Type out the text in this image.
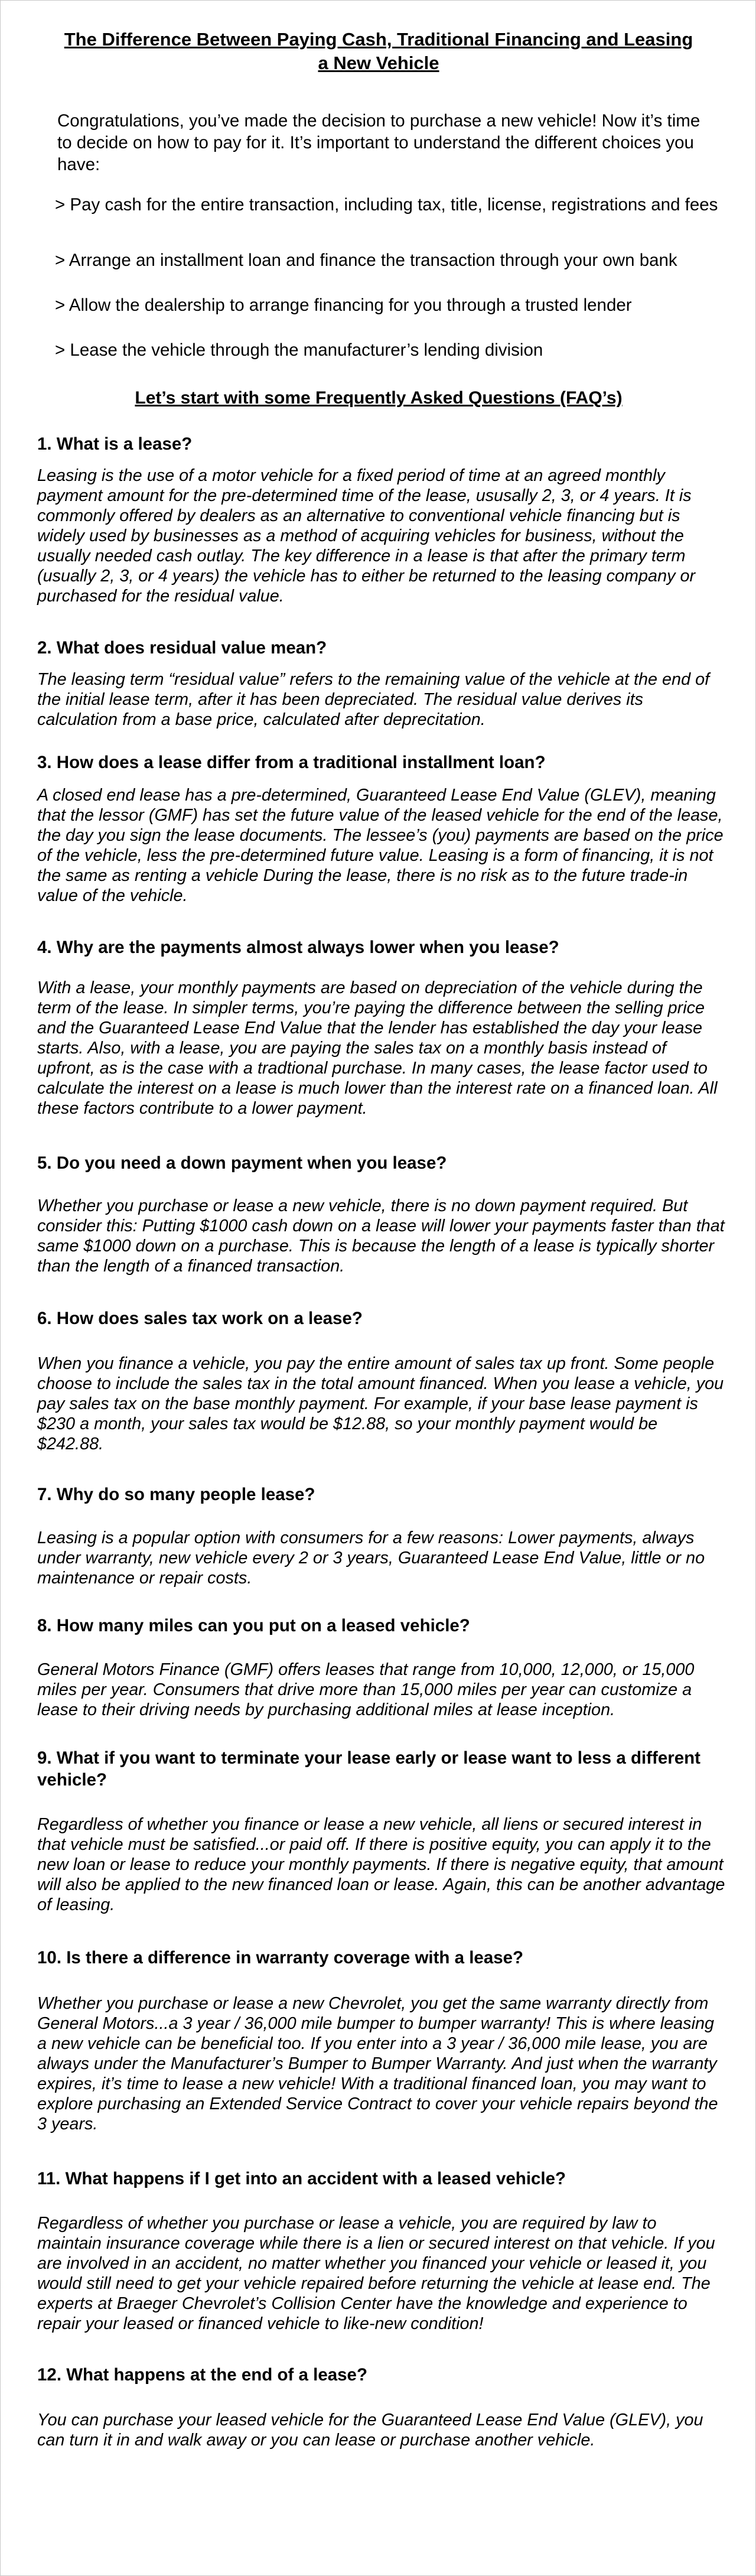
The Difference Between Paying Cash, Traditional Financing and Leasing a New Vehicle

Congratulations, you’ve made the decision to purchase a new vehicle! Now it’s time to decide on how to pay for it. It’s important to understand the different choices you have:

> Pay cash for the entire transaction, including tax, title, license, registrations and fees

> Arrange an installment loan and finance the transaction through your own bank

> Allow the dealership to arrange financing for you through a trusted lender

> Lease the vehicle through the manufacturer’s lending division

Let’s start with some Frequently Asked Questions (FAQ’s)
1. What is a lease?

Leasing is the use of a motor vehicle for a fixed period of time at an agreed monthly payment amount for the pre-determined time of the lease, ususally 2, 3, or 4 years. It is commonly offered by dealers as an alternative to conventional vehicle financing but is widely used by businesses as a method of acquiring vehicles for business, without the usually needed cash outlay. The key difference in a lease is that after the primary term (usually 2, 3, or 4 years) the vehicle has to either be returned to the leasing company or purchased for the residual value.

2. What does residual value mean?

The leasing term “residual value” refers to the remaining value of the vehicle at the end of the initial lease term, after it has been depreciated. The residual value derives its calculation from a base price, calculated after deprecitation.

3. How does a lease differ from a traditional installment loan?

A closed end lease has a pre-determined, Guaranteed Lease End Value (GLEV), meaning that the lessor (GMF) has set the future value of the leased vehicle for the end of the lease, the day you sign the lease documents. The lessee’s (you) payments are based on the price of the vehicle, less the pre-determined future value. Leasing is a form of financing, it is not the same as renting a vehicle During the lease, there is no risk as to the future trade-in value of the vehicle.

4. Why are the payments almost always lower when you lease?

With a lease, your monthly payments are based on depreciation of the vehicle during the term of the lease. In simpler terms, you’re paying the difference between the selling price and the Guaranteed Lease End Value that the lender has established the day your lease starts. Also, with a lease, you are paying the sales tax on a monthly basis instead of upfront, as is the case with a tradtional purchase. In many cases, the lease factor used to calculate the interest on a lease is much lower than the interest rate on a financed loan. All these factors contribute to a lower payment.

5. Do you need a down payment when you lease?

Whether you purchase or lease a new vehicle, there is no down payment required. But consider this: Putting $1000 cash down on a lease will lower your payments faster than that same $1000 down on a purchase. This is because the length of a lease is typically shorter than the length of a financed transaction.

6. How does sales tax work on a lease?

When you finance a vehicle, you pay the entire amount of sales tax up front. Some people choose to include the sales tax in the total amount financed. When you lease a vehicle, you pay sales tax on the base monthly payment. For example, if your base lease payment is $230 a month, your sales tax would be $12.88, so your monthly payment would be $242.88.

7. Why do so many people lease?

Leasing is a popular option with consumers for a few reasons: Lower payments, always under warranty, new vehicle every 2 or 3 years, Guaranteed Lease End Value, little or no maintenance or repair costs.

8. How many miles can you put on a leased vehicle?

General Motors Finance (GMF) offers leases that range from 10,000, 12,000, or 15,000 miles per year. Consumers that drive more than 15,000 miles per year can customize a lease to their driving needs by purchasing additional miles at lease inception.

9. What if you want to terminate your lease early or lease want to less a different vehicle?

Regardless of whether you finance or lease a new vehicle, all liens or secured interest in that vehicle must be satisfied...or paid off. If there is positive equity, you can apply it to the new loan or lease to reduce your monthly payments. If there is negative equity, that amount will also be applied to the new financed loan or lease. Again, this can be another advantage of leasing.

10. Is there a difference in warranty coverage with a lease?

Whether you purchase or lease a new Chevrolet, you get the same warranty directly from General Motors...a 3 year / 36,000 mile bumper to bumper warranty! This is where leasing a new vehicle can be beneficial too. If you enter into a 3 year / 36,000 mile lease, you are always under the Manufacturer’s Bumper to Bumper Warranty. And just when the warranty expires, it’s time to lease a new vehicle! With a traditional financed loan, you may want to explore purchasing an Extended Service Contract to cover your vehicle repairs beyond the 3 years.

11. What happens if I get into an accident with a leased vehicle?

Regardless of whether you purchase or lease a vehicle, you are required by law to maintain insurance coverage while there is a lien or secured interest on that vehicle. If you are involved in an accident, no matter whether you financed your vehicle or leased it, you would still need to get your vehicle repaired before returning the vehicle at lease end. The experts at Braeger Chevrolet’s Collision Center have the knowledge and experience to repair your leased or financed vehicle to like-new condition!

12. What happens at the end of a lease?

You can purchase your leased vehicle for the Guaranteed Lease End Value (GLEV), you can turn it in and walk away or you can lease or purchase another vehicle.
